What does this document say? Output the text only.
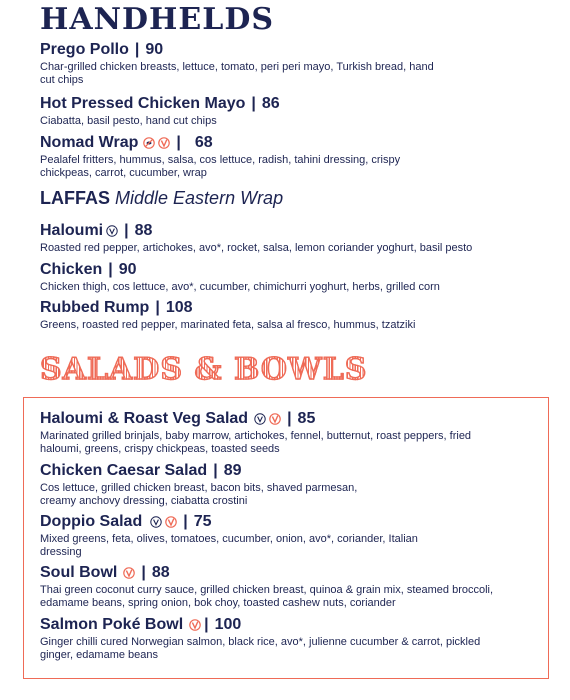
HANDHELDS
Prego Pollo | 90
Char-grilled chicken breasts, lettuce, tomato, peri peri mayo, Turkish bread, hand cut chips
Hot Pressed Chicken Mayo | 86
Ciabatta, basil pesto, hand cut chips
Nomad Wrap | 68
Pealafel fritters, hummus, salsa, cos lettuce, radish, tahini dressing, crispy chickpeas, carrot, cucumber, wrap
LAFFAS Middle Eastern Wrap
Haloumi | 88
Roasted red pepper, artichokes, avo*, rocket, salsa, lemon coriander yoghurt, basil pesto
Chicken | 90
Chicken thigh, cos lettuce, avo*, cucumber, chimichurri yoghurt, herbs, grilled corn
Rubbed Rump | 108
Greens, roasted red pepper, marinated feta, salsa al fresco, hummus, tzatziki
SALADS & BOWLS
Haloumi & Roast Veg Salad | 85
Marinated grilled brinjals, baby marrow, artichokes, fennel, butternut, roast peppers, fried haloumi, greens, crispy chickpeas, toasted seeds
Chicken Caesar Salad | 89
Cos lettuce, grilled chicken breast, bacon bits, shaved parmesan, creamy anchovy dressing, ciabatta crostini
Doppio Salad	| 75
Mixed greens, feta, olives, tomatoes, cucumber, onion, avo*, coriander, Italian dressing
Soul Bowl | 88
Thai green coconut curry sauce, grilled chicken breast, quinoa & grain mix, steamed broccoli, edamame beans, spring onion, bok choy, toasted cashew nuts, coriander
Salmon Poké Bowl | 100
Ginger chilli cured Norwegian salmon, black rice, avo*, julienne cucumber & carrot, pickled ginger, edamame beans
